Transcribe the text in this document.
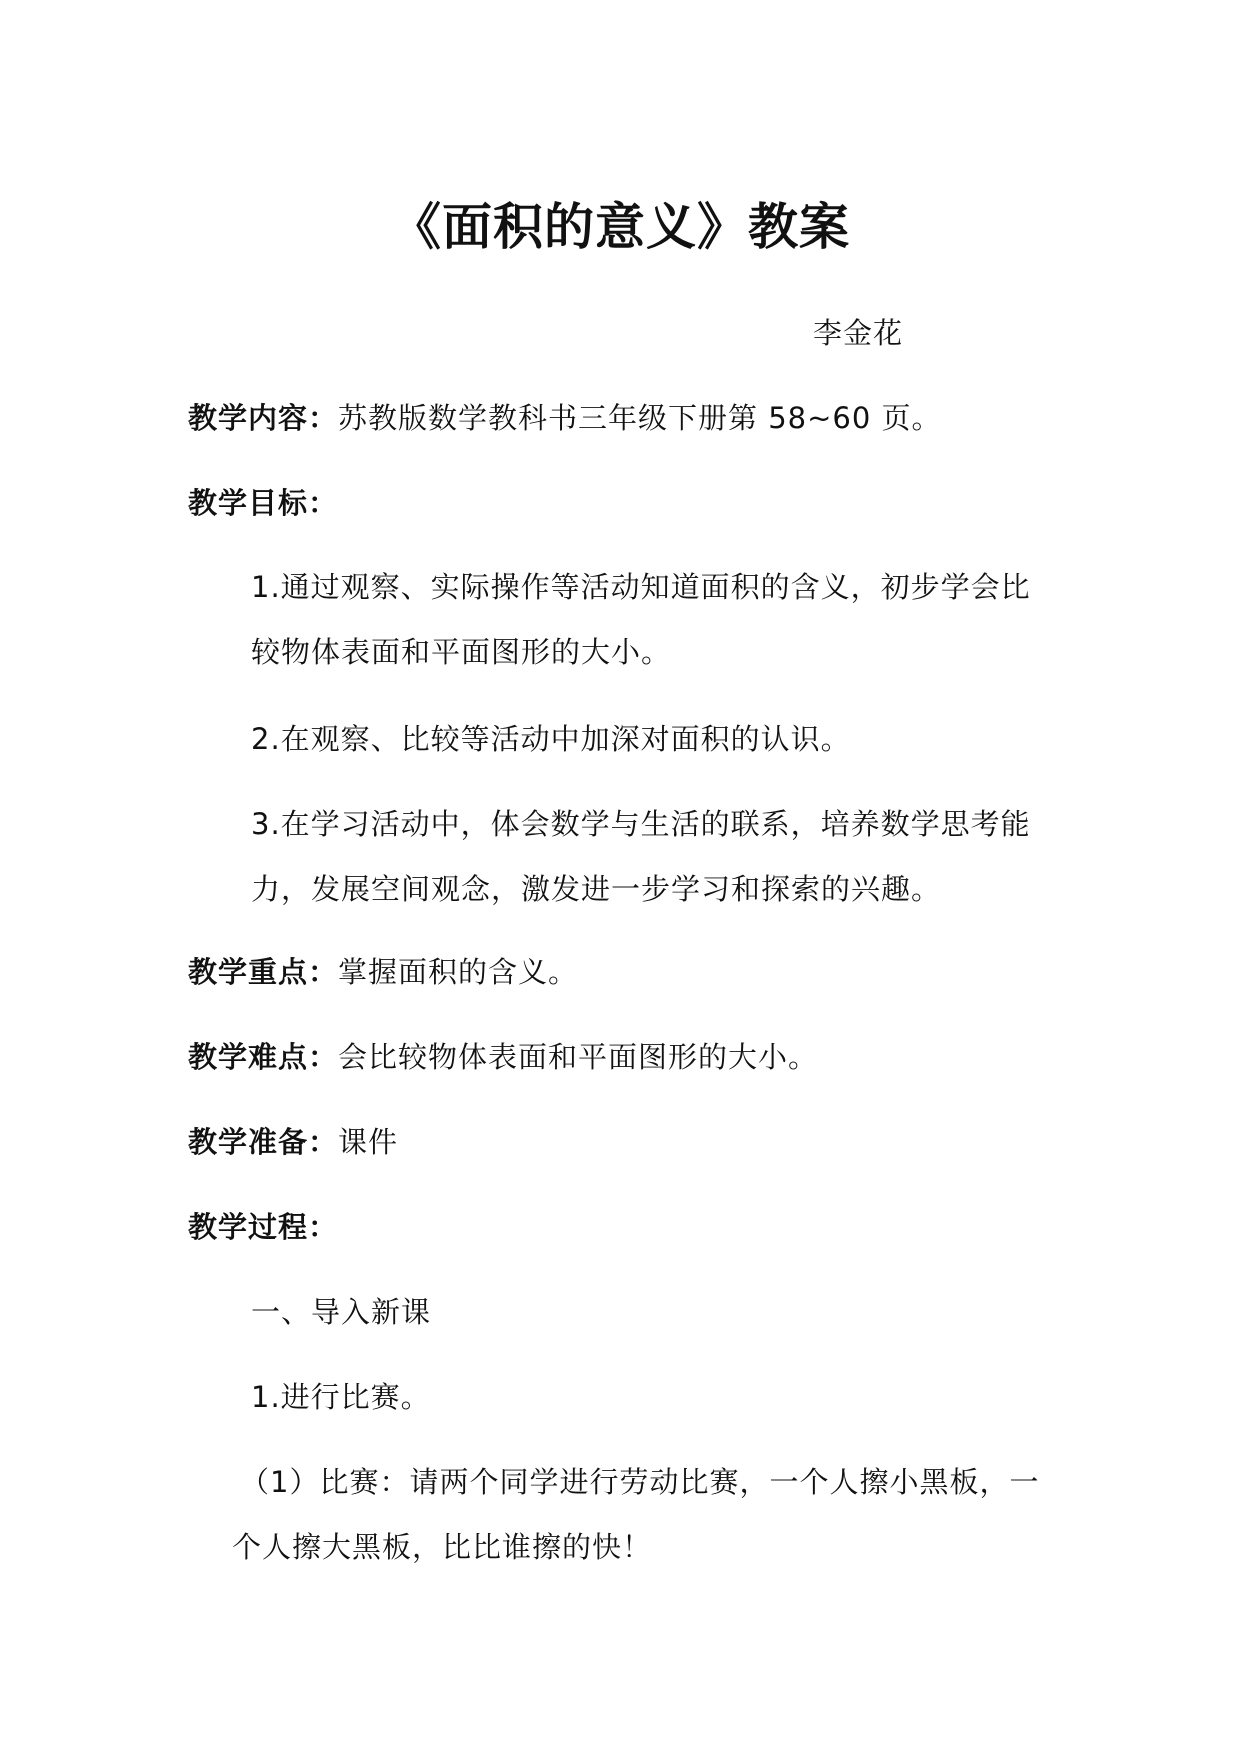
《面积的意义》教案
李金花
教学内容：苏教版数学教科书三年级下册第 58~60 页。
教学目标：
1.通过观察、实际操作等活动知道面积的含义，初步学会比
较物体表面和平面图形的大小。
2.在观察、比较等活动中加深对面积的认识。
3.在学习活动中，体会数学与生活的联系，培养数学思考能
力，发展空间观念，激发进一步学习和探索的兴趣。
教学重点：掌握面积的含义。
教学难点：会比较物体表面和平面图形的大小。
教学准备：课件
教学过程：
一、导入新课
1.进行比赛。
（1）比赛：请两个同学进行劳动比赛，一个人擦小黑板，一
个人擦大黑板，比比谁擦的快！
